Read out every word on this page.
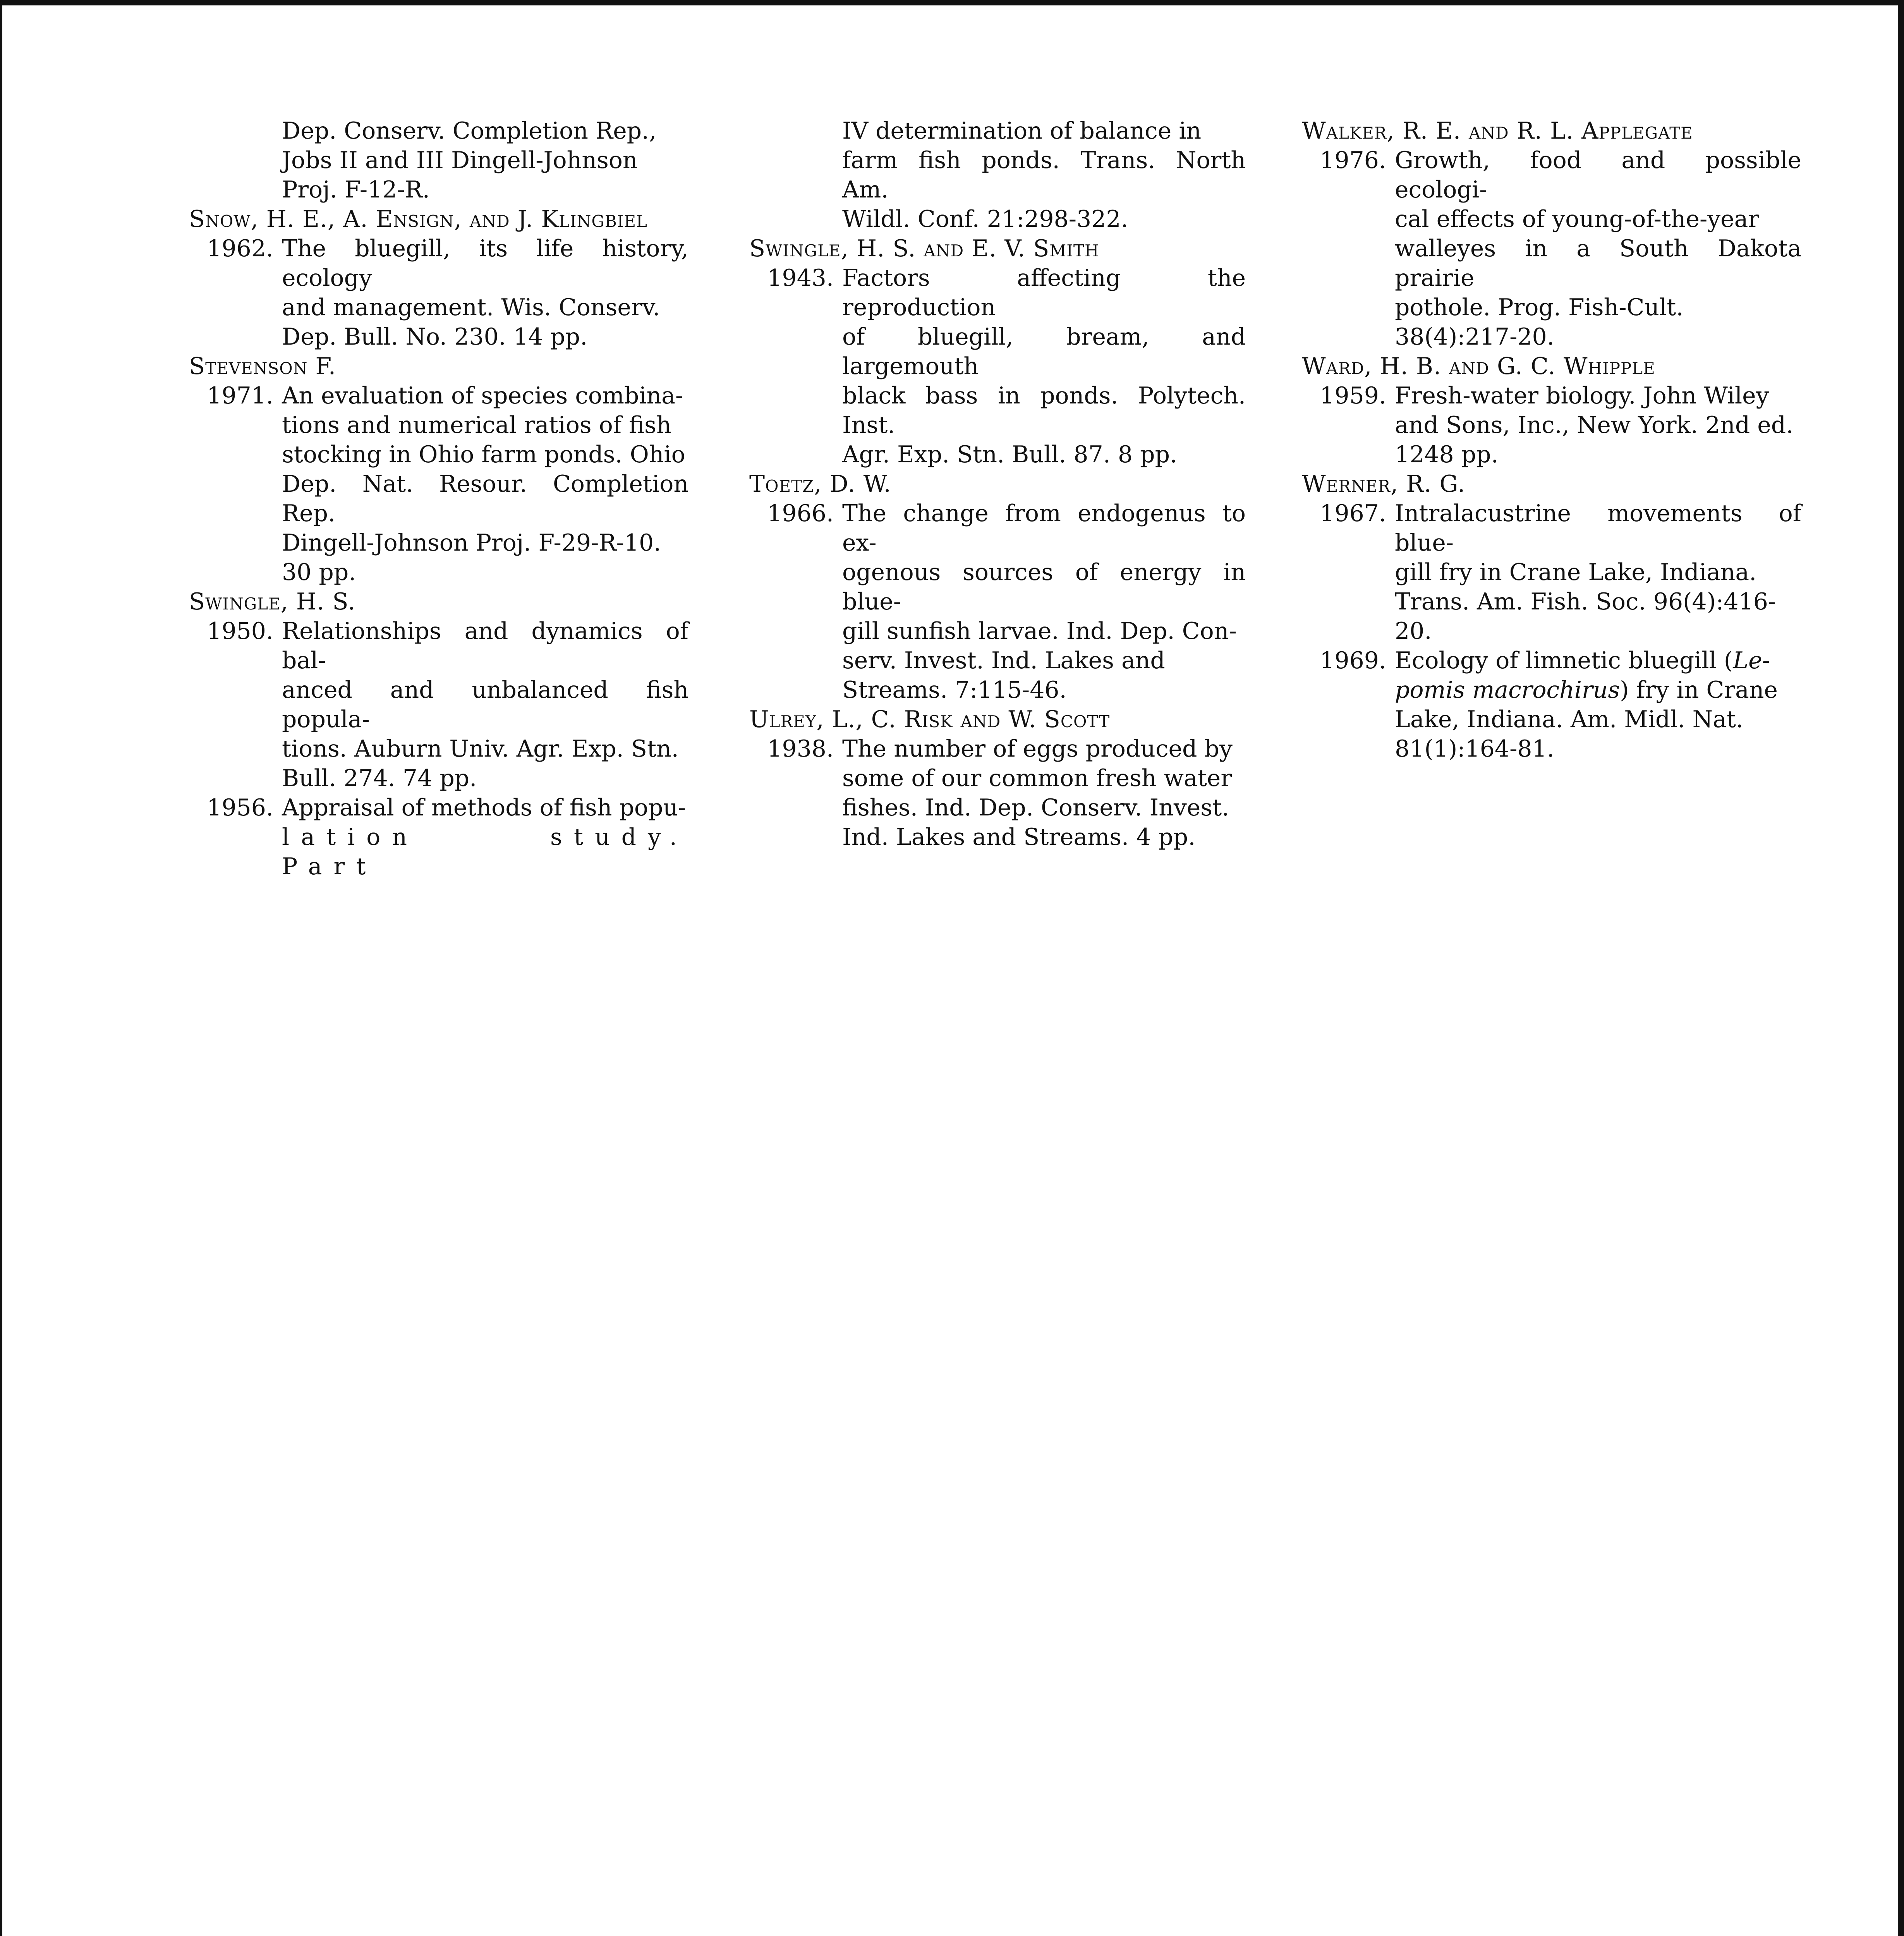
Dep. Conserv. Completion Rep.,
Jobs II and III Dingell-Johnson
Proj. F-12-R.
Snow, H. E., A. Ensign, and J. Klingbiel
1962. The bluegill, its life history, ecology
and management. Wis. Conserv.
Dep. Bull. No. 230. 14 pp.
Stevenson F.
1971. An evaluation of species combina-
tions and numerical ratios of fish
stocking in Ohio farm ponds. Ohio
Dep. Nat. Resour. Completion Rep.
Dingell-Johnson Proj. F-29-R-10.
30 pp.
Swingle, H. S.
1950. Relationships and dynamics of bal-
anced and unbalanced fish popula-
tions. Auburn Univ. Agr. Exp. Stn.
Bull. 274. 74 pp.
1956. Appraisal of methods of fish popu-
lation study. Part
IV determination of balance in
farm fish ponds. Trans. North Am.
Wildl. Conf. 21:298-322.
Swingle, H. S. and E. V. Smith
1943. Factors affecting the reproduction
of bluegill, bream, and largemouth
black bass in ponds. Polytech. Inst.
Agr. Exp. Stn. Bull. 87. 8 pp.
Toetz, D. W.
1966. The change from endogenus to ex-
ogenous sources of energy in blue-
gill sunfish larvae. Ind. Dep. Con-
serv. Invest. Ind. Lakes and
Streams. 7:115-46.
Ulrey, L., C. Risk and W. Scott
1938. The number of eggs produced by
some of our common fresh water
fishes. Ind. Dep. Conserv. Invest.
Ind. Lakes and Streams. 4 pp.
Walker, R. E. and R. L. Applegate
1976. Growth, food and possible ecologi-
cal effects of young-of-the-year
walleyes in a South Dakota prairie
pothole. Prog. Fish-Cult.
38(4):217-20.
Ward, H. B. and G. C. Whipple
1959. Fresh-water biology. John Wiley
and Sons, Inc., New York. 2nd ed.
1248 pp.
Werner, R. G.
1967. Intralacustrine movements of blue-
gill fry in Crane Lake, Indiana.
Trans. Am. Fish. Soc. 96(4):416-
20.
1969. Ecology of limnetic bluegill (Le-
pomis macrochirus) fry in Crane
Lake, Indiana. Am. Midl. Nat.
81(1):164-81.
